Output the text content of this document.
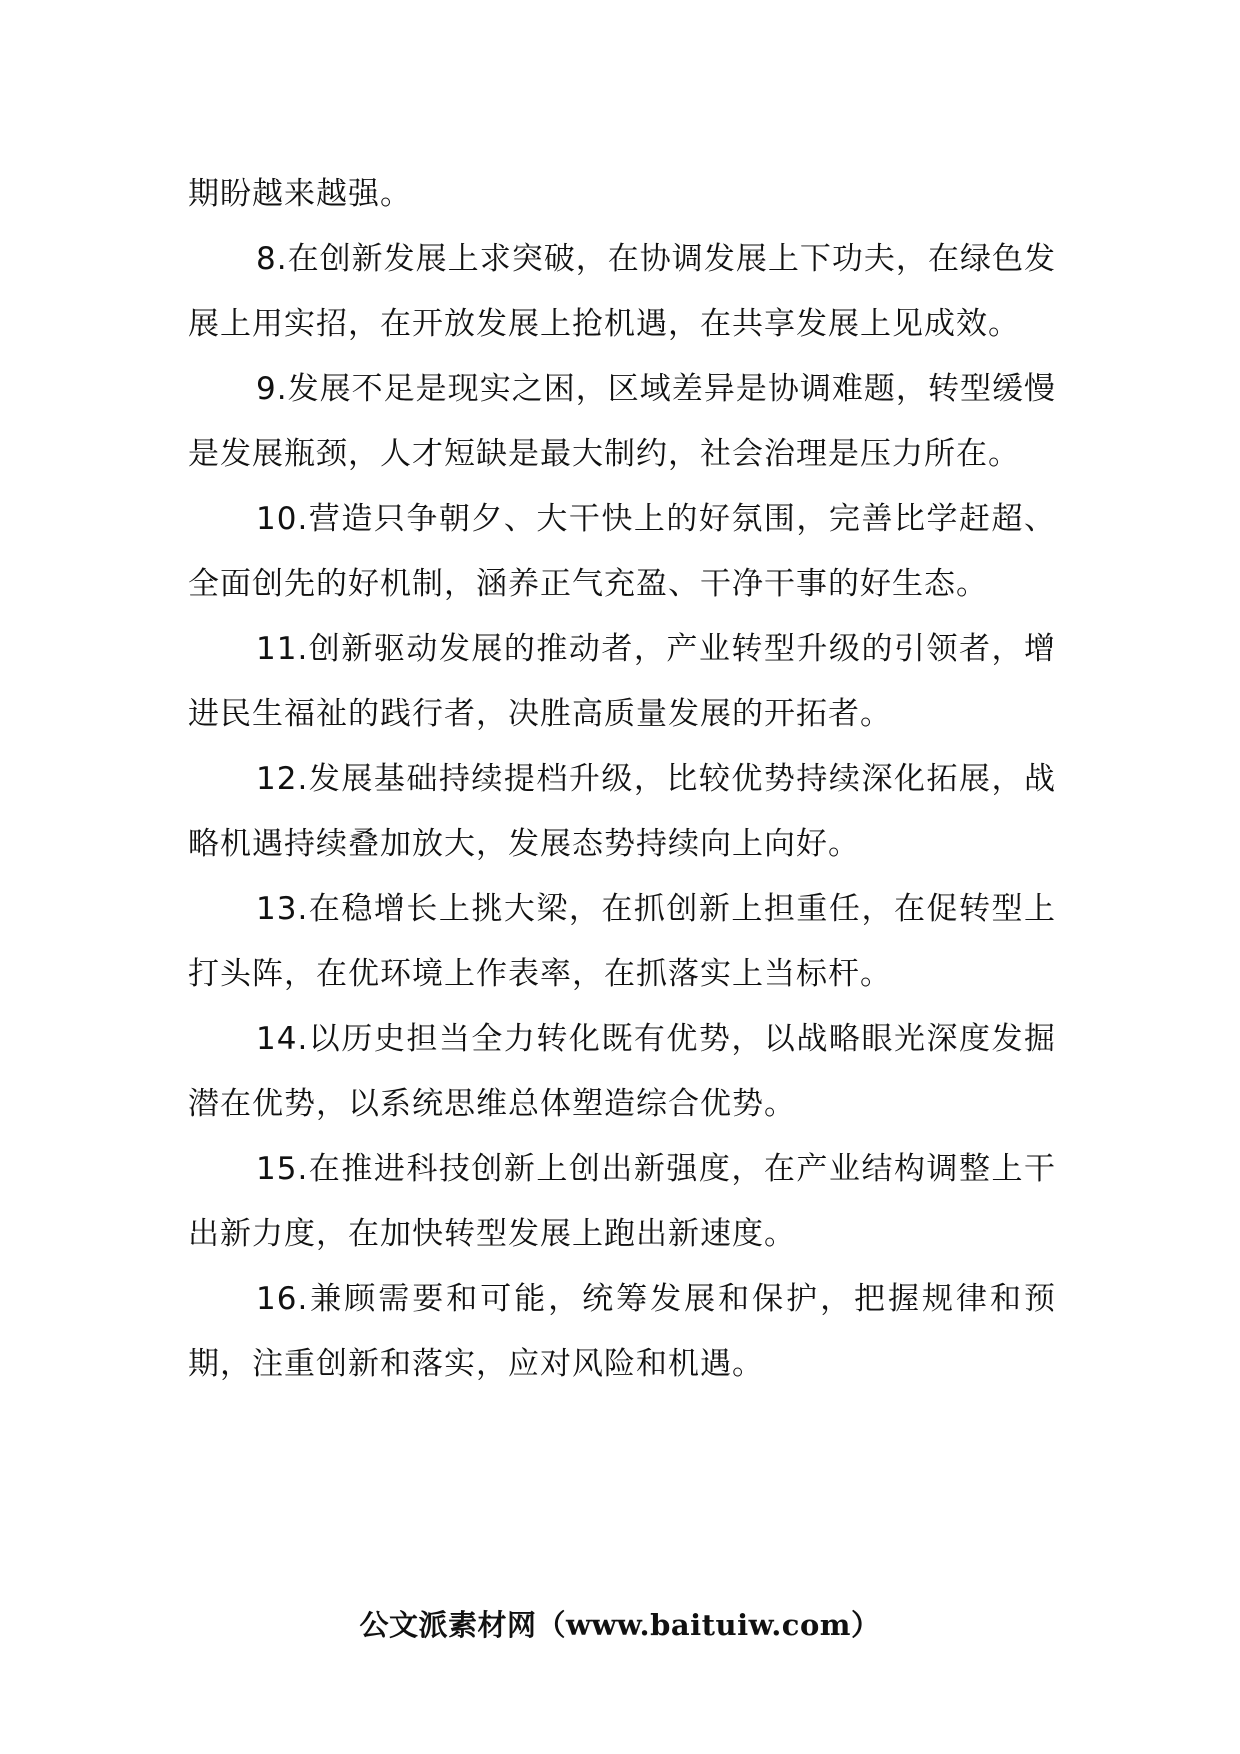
期盼越来越强。

8.在创新发展上求突破，在协调发展上下功夫，在绿色发展上用实招，在开放发展上抢机遇，在共享发展上见成效。

9.发展不足是现实之困，区域差异是协调难题，转型缓慢是发展瓶颈，人才短缺是最大制约，社会治理是压力所在。

10.营造只争朝夕、大干快上的好氛围，完善比学赶超、全面创先的好机制，涵养正气充盈、干净干事的好生态。

11.创新驱动发展的推动者，产业转型升级的引领者，增进民生福祉的践行者，决胜高质量发展的开拓者。

12.发展基础持续提档升级，比较优势持续深化拓展，战略机遇持续叠加放大，发展态势持续向上向好。

13.在稳增长上挑大梁，在抓创新上担重任，在促转型上打头阵，在优环境上作表率，在抓落实上当标杆。

14.以历史担当全力转化既有优势，以战略眼光深度发掘潜在优势，以系统思维总体塑造综合优势。

15.在推进科技创新上创出新强度，在产业结构调整上干出新力度，在加快转型发展上跑出新速度。

16.兼顾需要和可能，统筹发展和保护，把握规律和预期，注重创新和落实，应对风险和机遇。

公文派素材网（www.baituiw.com）
